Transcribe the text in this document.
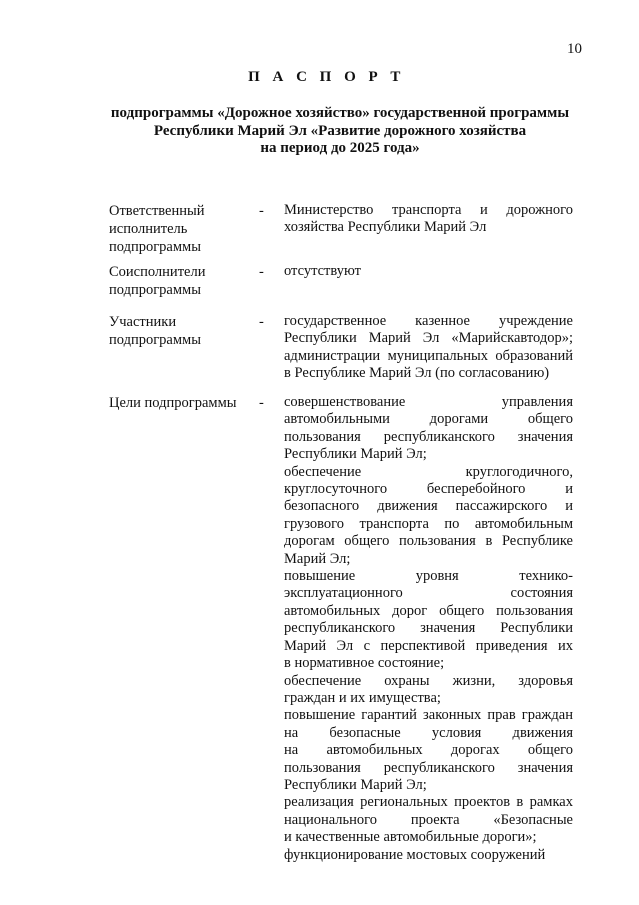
10
П А С П О Р Т
подпрограммы «Дорожное хозяйство» государственной программы
Республики Марий Эл «Развитие дорожного хозяйства
на период до 2025 года»
Ответственный
исполнитель
подпрограммы
- Министерство транспорта и дорожного
хозяйства Республики Марий Эл
Соисполнители
подпрограммы
- отсутствуют
Участники
подпрограммы
- государственное казенное учреждение
Республики Марий Эл «Марийскавтодор»;
администрации муниципальных образований
в Республике Марий Эл (по согласованию)
Цели подпрограммы	- совершенствование управления
автомобильными дорогами общего
пользования республиканского значения
Республики Марий Эл;
обеспечение круглогодичного,
круглосуточного бесперебойного и
безопасного движения пассажирского и
грузового транспорта по автомобильным
дорогам общего пользования в Республике
Марий Эл;
повышение уровня технико-
эксплуатационного состояния
автомобильных дорог общего пользования
республиканского значения Республики
Марий Эл с перспективой приведения их
в нормативное состояние;
обеспечение охраны жизни, здоровья
граждан и их имущества;
повышение гарантий законных прав граждан
на безопасные условия движения
на автомобильных дорогах общего
пользования республиканского значения
Республики Марий Эл;
реализация региональных проектов в рамках
национального проекта «Безопасные
и качественные автомобильные дороги»;
функционирование мостовых сооружений
